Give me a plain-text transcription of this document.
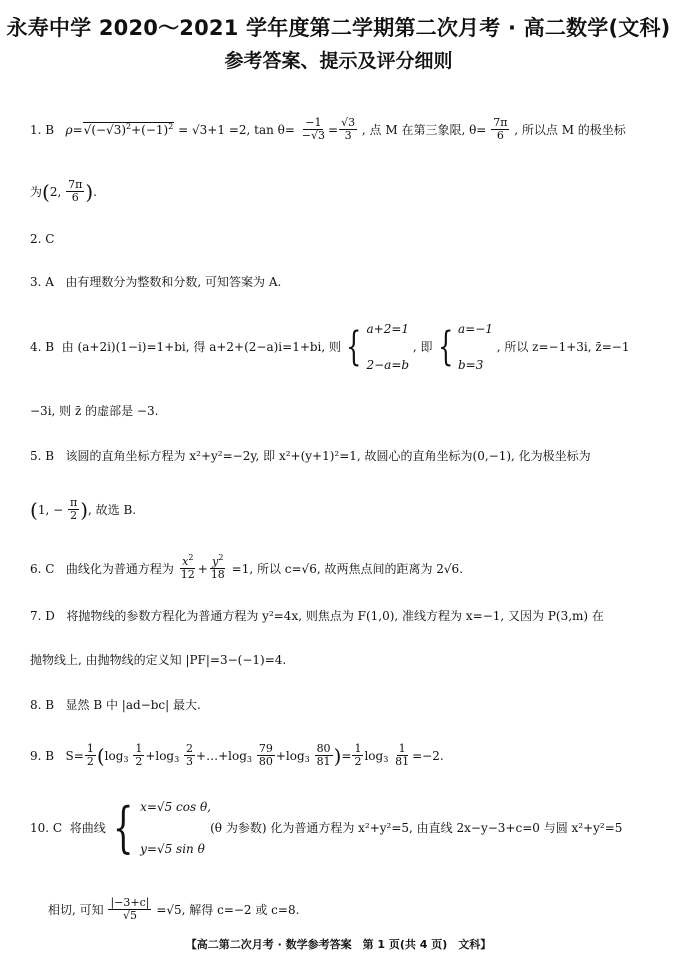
永寿中学 2020～2021 学年度第二学期第二次月考 · 高二数学(文科)
参考答案、提示及评分细则
1. B $\rho=√(-√3)^2+(-1)^2 = √3+1 =2$, $\tan \theta= \frac{-1}{-√3} = \frac{√3}{3}$ , 点 M 在第三象限, $\theta= \frac{7\pi}{6}$ , 所以点 M 的极坐标
为(2, $\frac{7\pi}{6}$ ).
2. C
3. A 由有理数分为整数和分数, 可知答案为 A.
4. B
由 (a+2i)(1−i)=1+bi, 得 a+2+(2−a)i=1+bi, 则 { a+2=1
2−a=b

, 即 { a=−1
b=3

, 所以 z=−1+3i, z̄=−1
−3i, 则 z̄ 的虚部是 −3.
5. B 该圆的直角坐标方程为 x²+y²=−2y, 即 x²+(y+1)²=1, 故圆心的直角坐标为(0,−1), 化为极坐标为
(1, − $\frac{\pi}{2}$ ), 故选 B.
6. C 曲线化为普通方程为 $\frac{x^2}{12} + \frac{y^2}{18} =1$, 所以 c=√6, 故两焦点间的距离为 2√6.
7. D 将抛物线的参数方程化为普通方程为 y²=4x, 则焦点为 F(1,0), 准线方程为 x=−1, 又因为 P(3,m) 在
抛物线上, 由抛物线的定义知 |PF|=3−(−1)=4.
8. B 显然 B 中 |ad−bc| 最大.
9. B $S= \frac{1}{2} (\log_3 \frac{1}{2} +\log_3 \frac{2}{3}$ $+\dots+\log_3 \frac{79}{80} +\log_3 \frac{80}{81}$ )= $\frac{1}{2} \log_3 \frac{1}{81} =-2$.
10. C
将曲线 { x=√5 cos θ,
y=√5 sin θ
(θ 为参数) 化为普通方程为 x²+y²=5, 由直线 2x−y−3+c=0 与圆 x²+y²=5
相切, 可知 $\frac{|-3+c|}{√5} =√5$, 解得 c=−2 或 c=8.
【高二第二次月考 · 数学参考答案　第 1 页(共 4 页)　文科】
